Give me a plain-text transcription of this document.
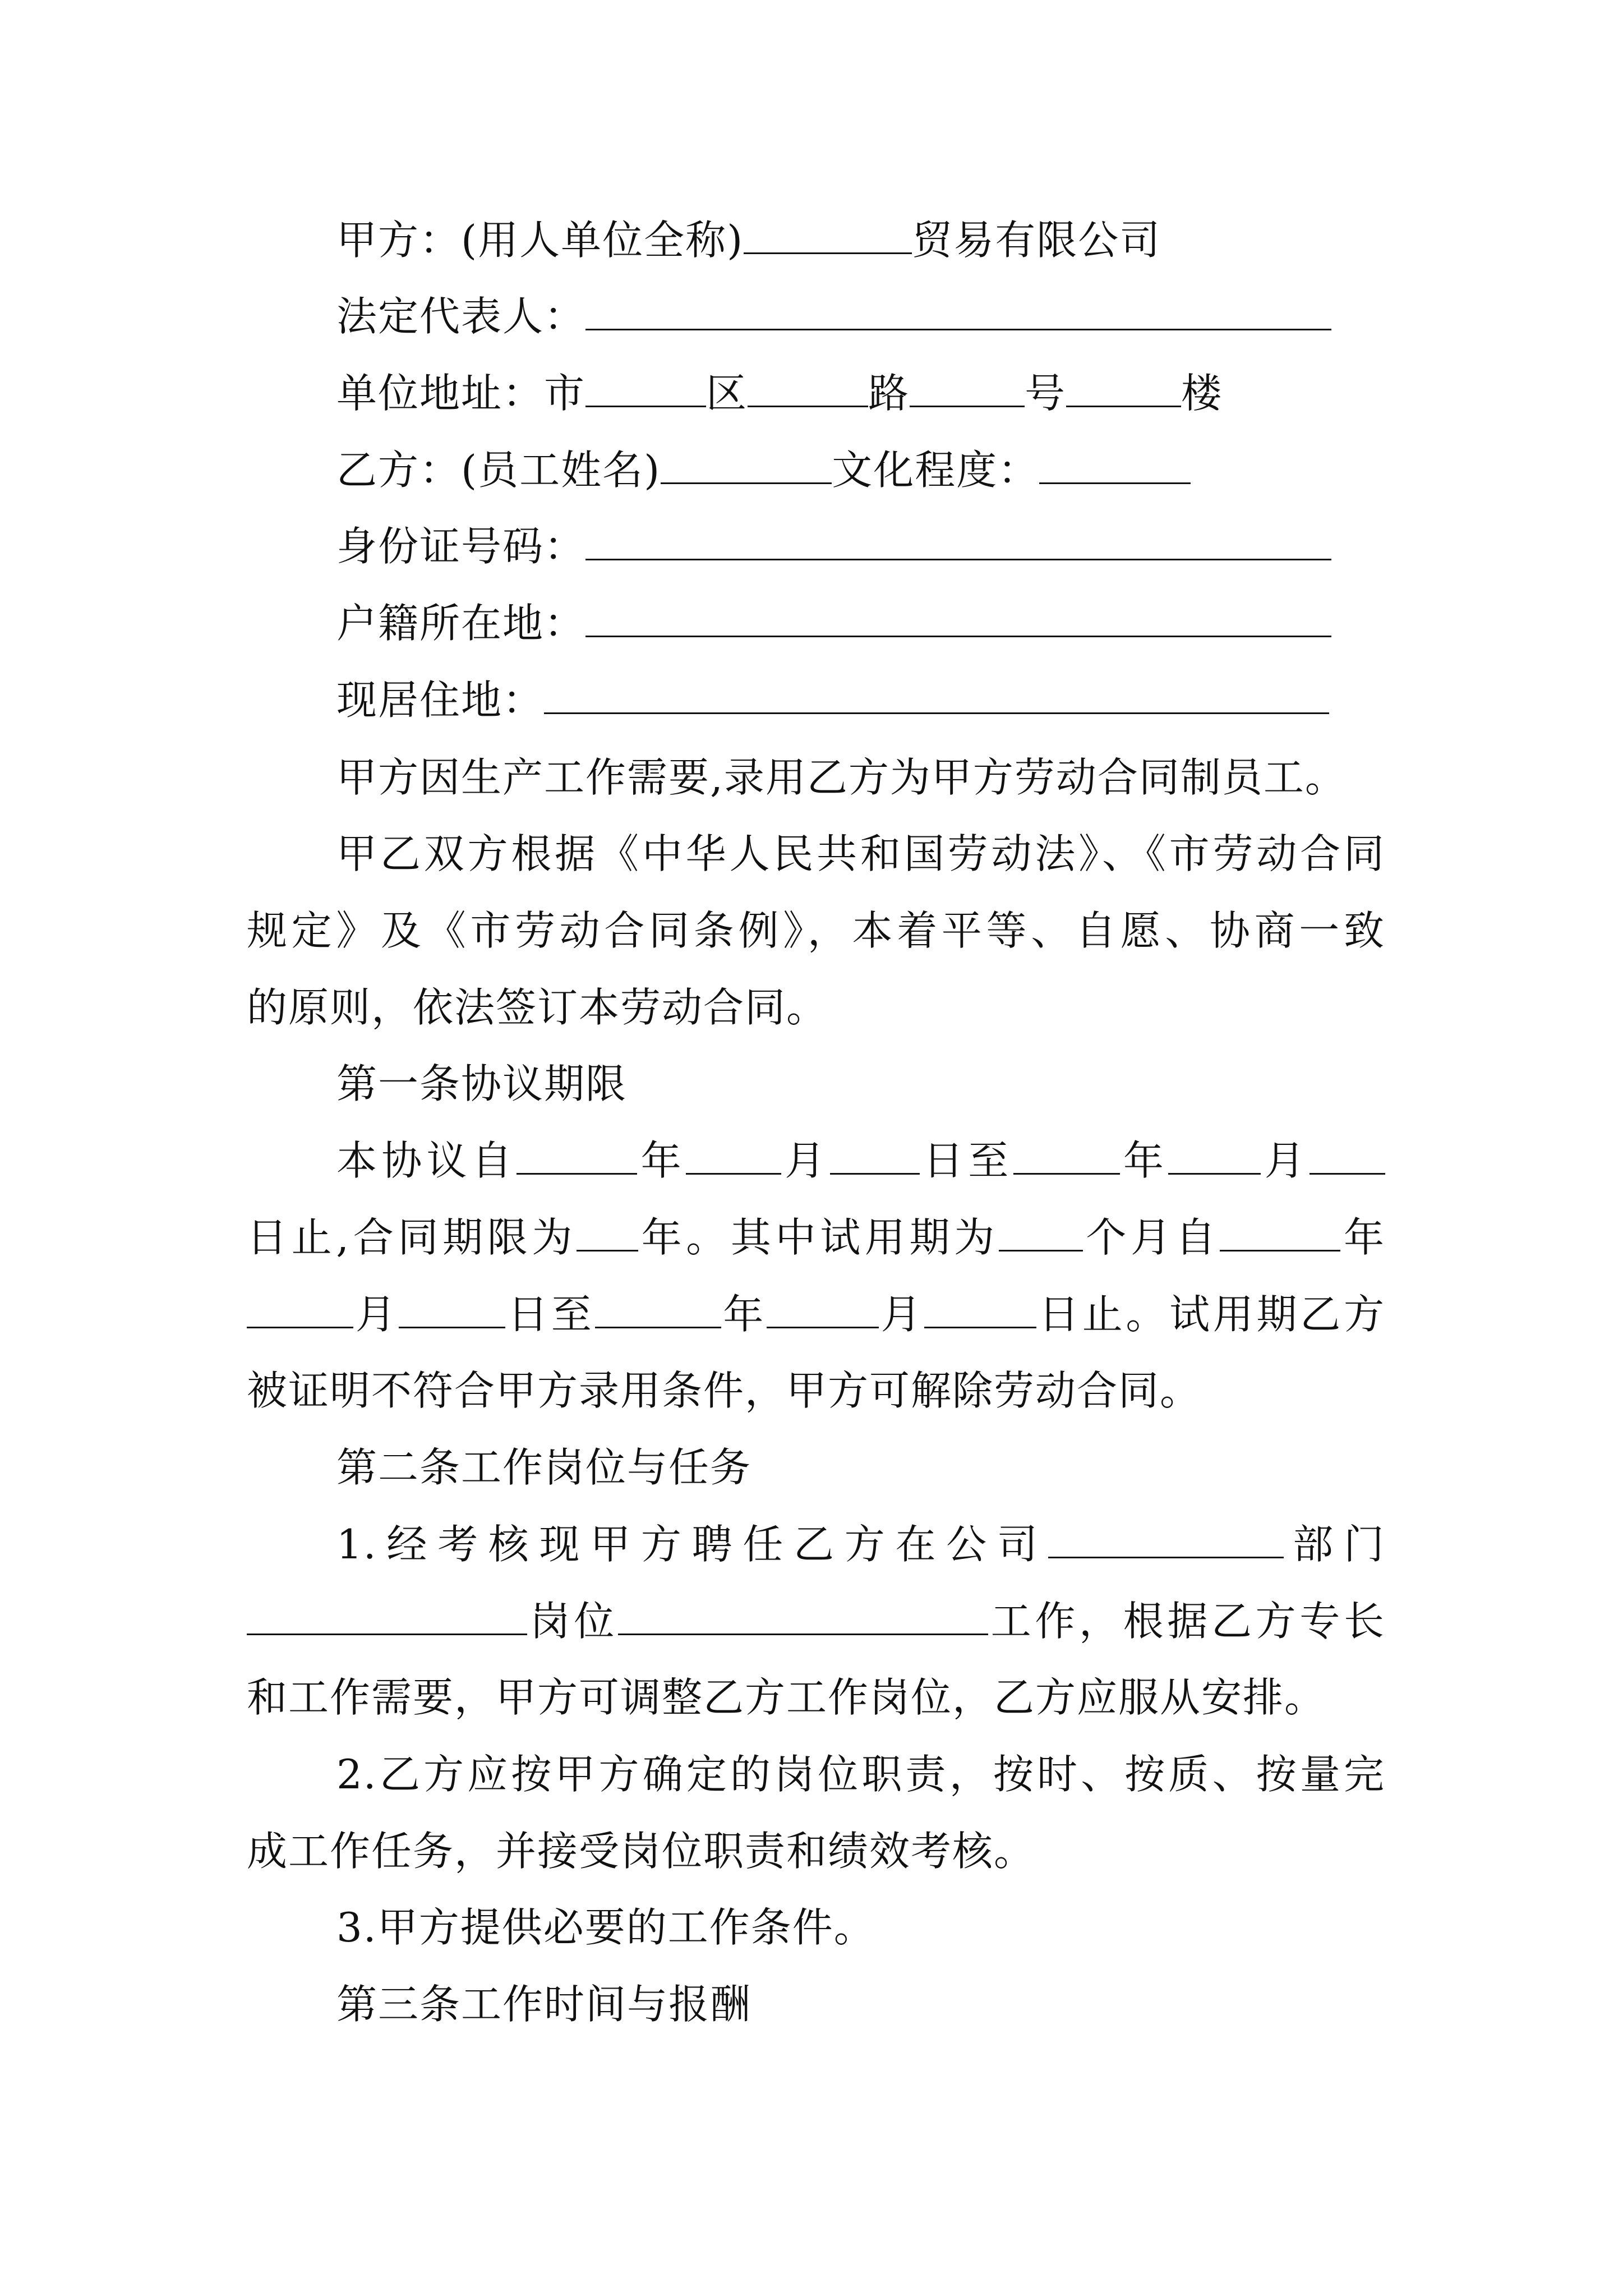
甲方：(用人单位全称)	贸易有限公司
法定代表人：
单位地址：市	区	路	号	楼
乙方：(员工姓名)	文化程度：
身份证号码：
户籍所在地：
现居住地：
甲方因生产工作需要,录用乙方为甲方劳动合同制员工。
甲乙双方根据《中华人民共和国劳动法》、《市劳动合同
规定》及《市劳动合同条例》，本着平等、自愿、协商一致
的原则，依法签订本劳动合同。
第一条协议期限
本协议自	年 月 日至	年 月
日止,合同期限为 年。其中试用期为 个月自	年
月	日至	年	月	日止。试用期乙方
被证明不符合甲方录用条件，甲方可解除劳动合同。
第二条工作岗位与任务
1.经考核现甲方聘任乙方在公司	部门
岗位	工作，根据乙方专长
和工作需要，甲方可调整乙方工作岗位，乙方应服从安排。
2.乙方应按甲方确定的岗位职责，按时、按质、按量完
成工作任务，并接受岗位职责和绩效考核。
3.甲方提供必要的工作条件。
第三条工作时间与报酬
